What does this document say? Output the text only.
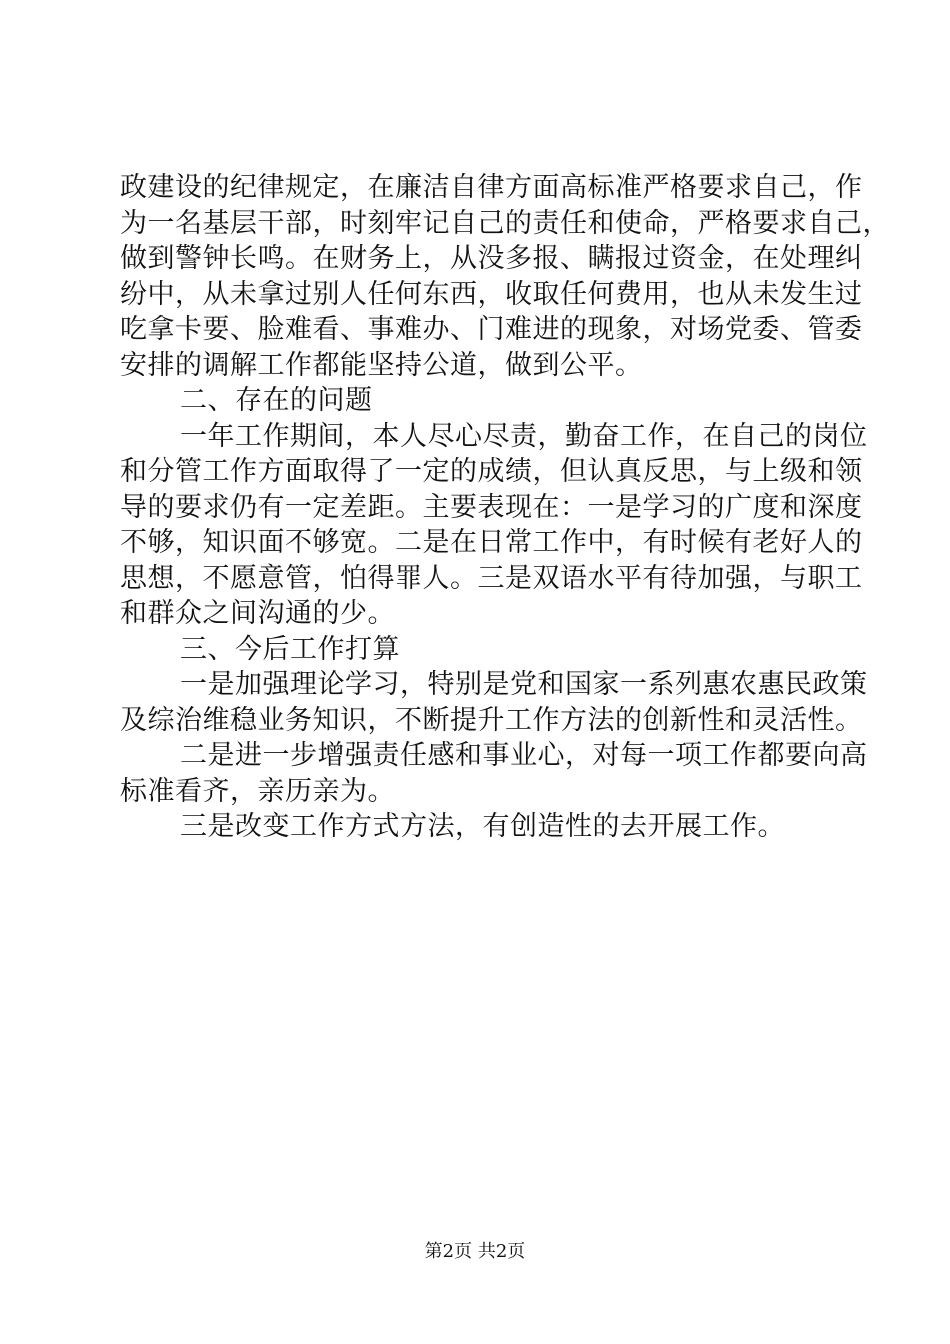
政建设的纪律规定，在廉洁自律方面高标准严格要求自己，作
为一名基层干部，时刻牢记自己的责任和使命，严格要求自己，
做到警钟长鸣。在财务上，从没多报、瞒报过资金，在处理纠
纷中，从未拿过别人任何东西，收取任何费用，也从未发生过
吃拿卡要、脸难看、事难办、门难进的现象，对场党委、管委
安排的调解工作都能坚持公道，做到公平。
二、存在的问题
一年工作期间，本人尽心尽责，勤奋工作，在自己的岗位
和分管工作方面取得了一定的成绩，但认真反思，与上级和领
导的要求仍有一定差距。主要表现在：一是学习的广度和深度
不够，知识面不够宽。二是在日常工作中，有时候有老好人的
思想，不愿意管，怕得罪人。三是双语水平有待加强，与职工
和群众之间沟通的少。
三、今后工作打算
一是加强理论学习，特别是党和国家一系列惠农惠民政策
及综治维稳业务知识，不断提升工作方法的创新性和灵活性。
二是进一步增强责任感和事业心，对每一项工作都要向高
标准看齐，亲历亲为。
三是改变工作方式方法，有创造性的去开展工作。
第2页 共2页
